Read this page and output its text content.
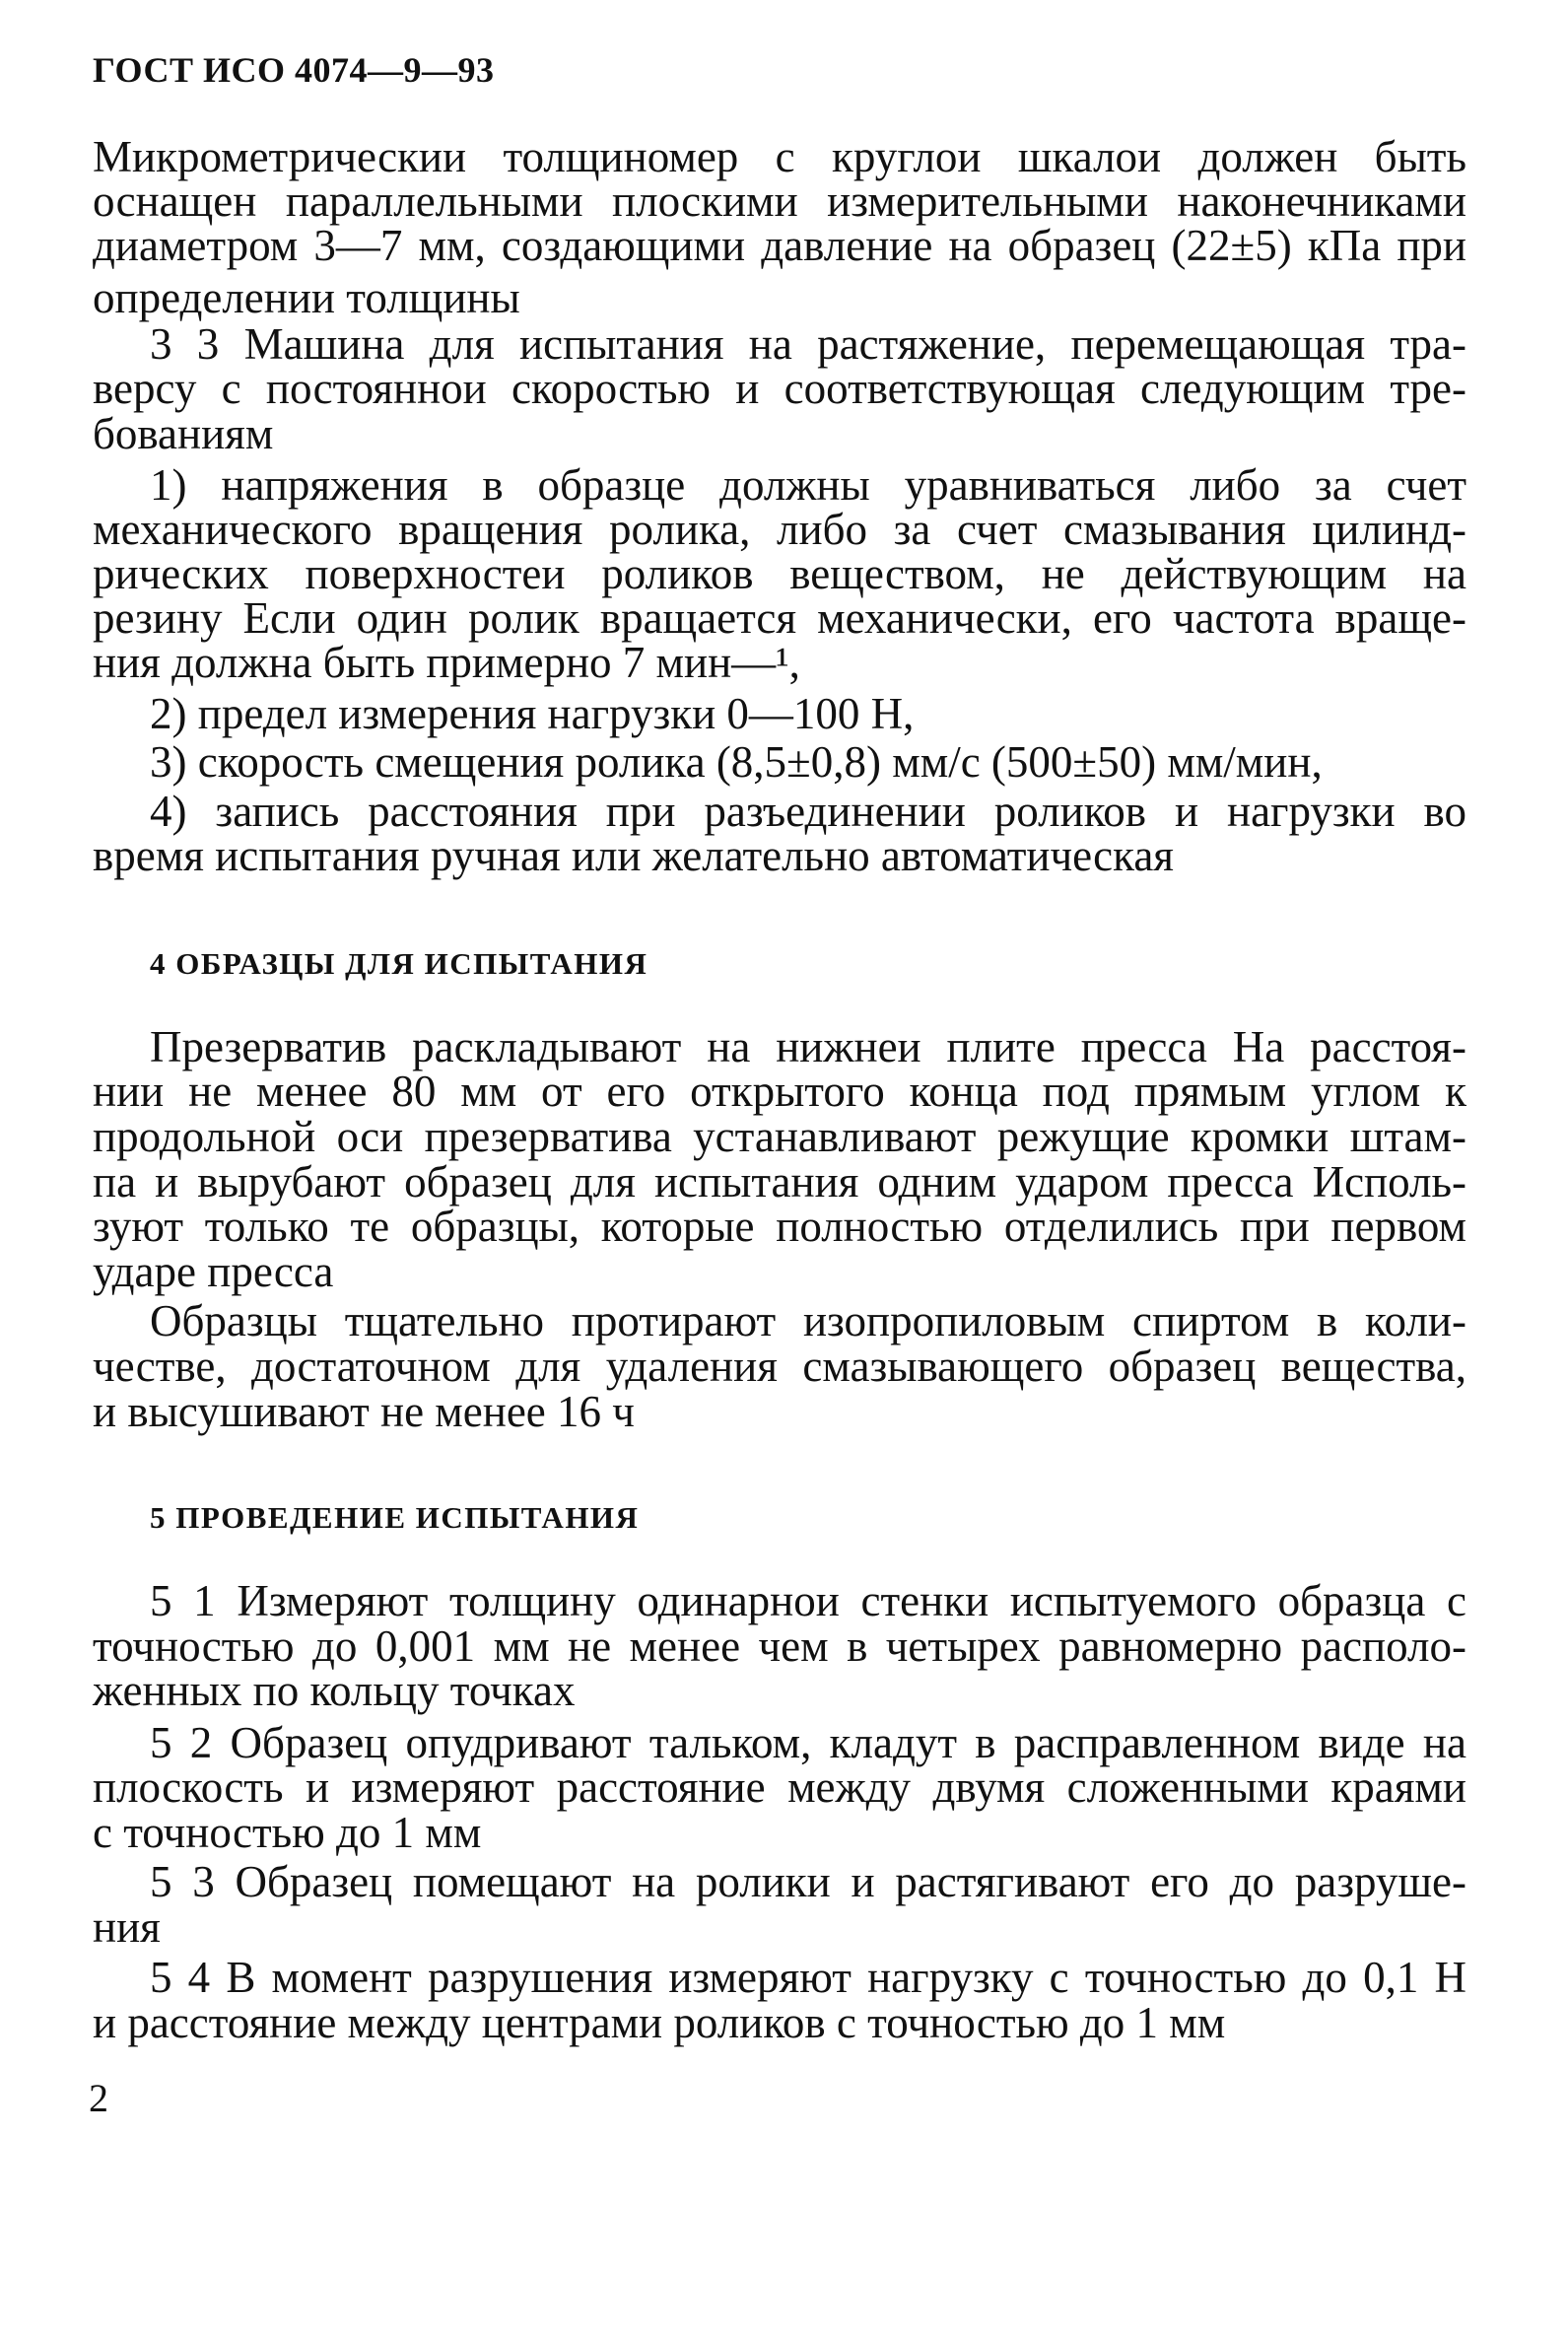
ГОСТ ИСО 4074—9—93
Микрометрическии толщиномер с круглои шкалои должен быть
оснащен параллельными плоскими измерительными наконечниками
диаметром 3—7 мм, создающими давление на образец (22±5) кПа при
определении толщины
3 3 Машина для испытания на растяжение, перемещающая тра-
версу с постояннои скоростью и соответствующая следующим тре-
бованиям
1) напряжения в образце должны уравниваться либо за счет
механического вращения ролика, либо за счет смазывания цилинд-
рических поверхностеи роликов веществом, не действующим на
резину Если один ролик вращается механически, его частота враще-
ния должна быть примерно 7 мин—¹,
2) предел измерения нагрузки 0—100 Н,
3) скорость смещения ролика (8,5±0,8) мм/с (500±50) мм/мин,
4) запись расстояния при разъединении роликов и нагрузки во
время испытания ручная или желательно автоматическая
4 ОБРАЗЦЫ ДЛЯ ИСПЫТАНИЯ
Презерватив раскладывают на нижнеи плите пресса На расстоя-
нии не менее 80 мм от его открытого конца под прямым углом к
продольной оси презерватива устанавливают режущие кромки штам-
па и вырубают образец для испытания одним ударом пресса Исполь-
зуют только те образцы, которые полностью отделились при первом
ударе пресса
Образцы тщательно протирают изопропиловым спиртом в коли-
честве, достаточном для удаления смазывающего образец вещества,
и высушивают не менее 16 ч
5 ПРОВЕДЕНИЕ ИСПЫТАНИЯ
5 1 Измеряют толщину одинарнои стенки испытуемого образца с
точностью до 0,001 мм не менее чем в четырех равномерно располо-
женных по кольцу точках
5 2 Образец опудривают тальком, кладут в расправленном виде на
плоскость и измеряют расстояние между двумя сложенными краями
с точностью до 1 мм
5 3 Образец помещают на ролики и растягивают его до разруше-
ния
5 4 В момент разрушения измеряют нагрузку с точностью до 0,1 Н
и расстояние между центрами роликов с точностью до 1 мм
2
